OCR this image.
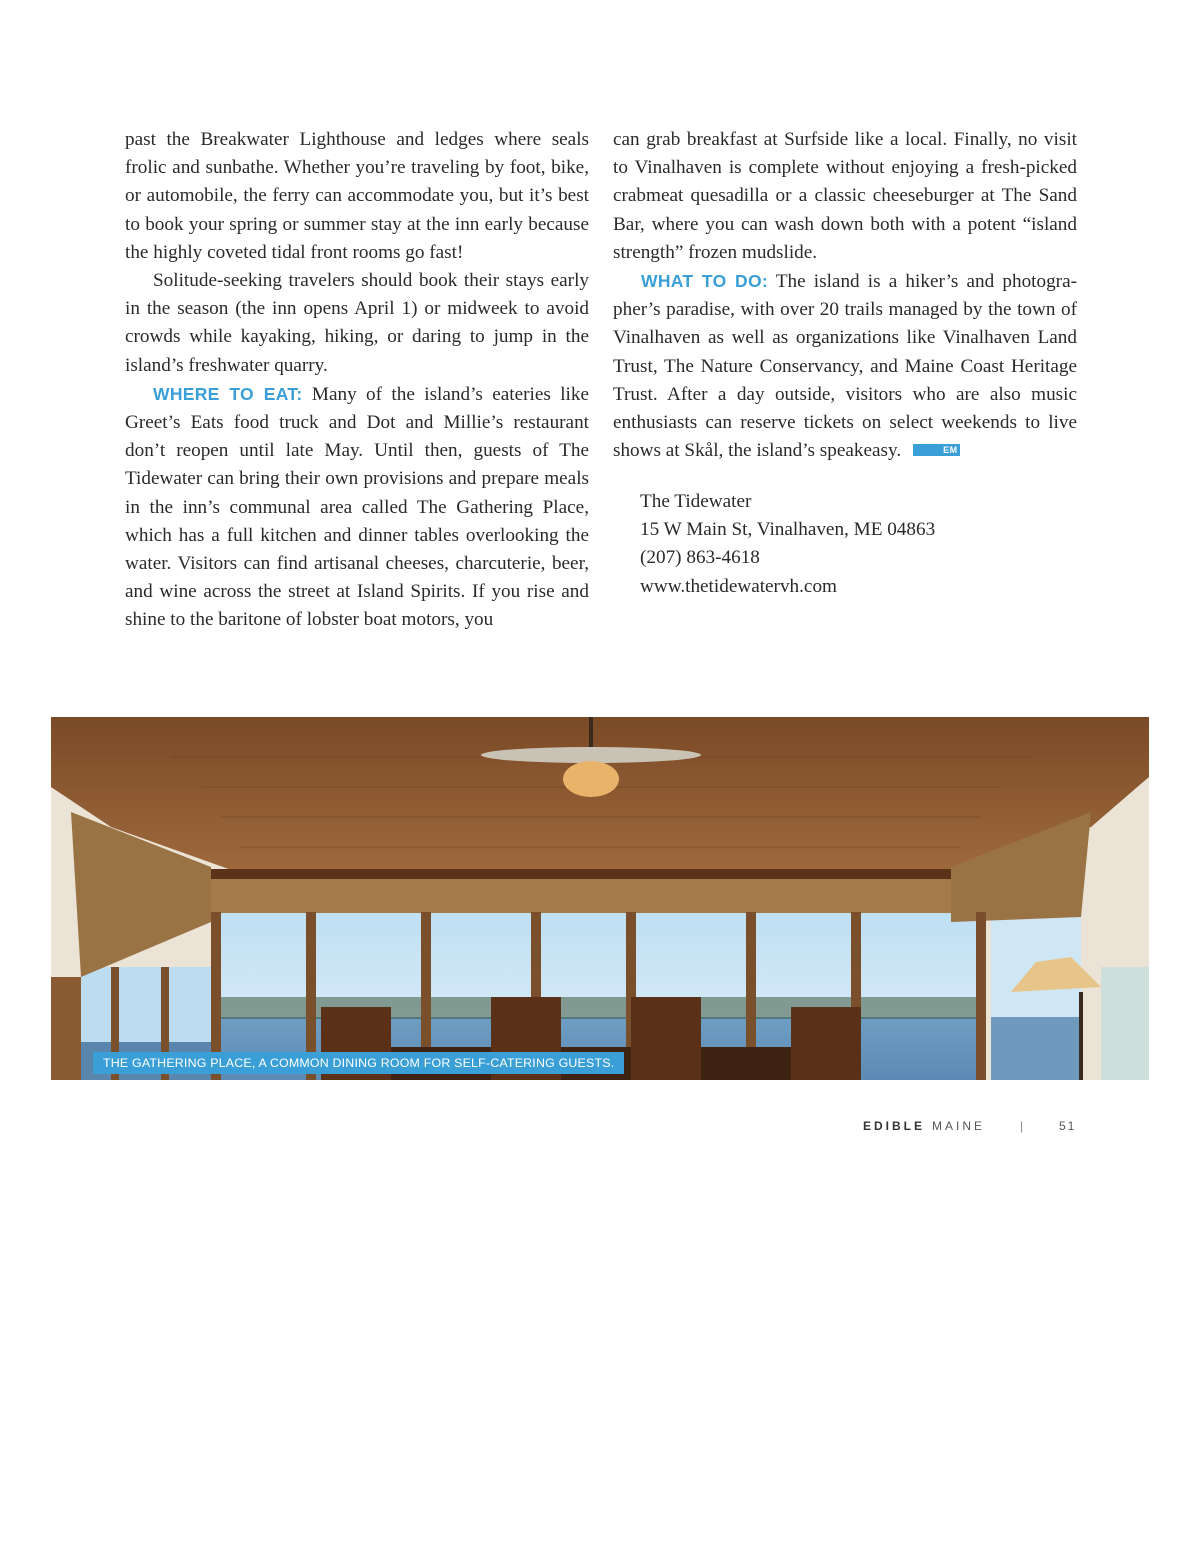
past the Breakwater Lighthouse and ledges where seals frolic and sunbathe. Whether you’re traveling by foot, bike, or automobile, the ferry can accommodate you, but it’s best to book your spring or summer stay at the inn early because the highly coveted tidal front rooms go fast!

Solitude-seeking travelers should book their stays early in the season (the inn opens April 1) or midweek to avoid crowds while kayaking, hiking, or daring to jump in the island’s freshwater quarry.

WHERE TO EAT: Many of the island’s eateries like Greet’s Eats food truck and Dot and Millie’s restaurant don’t reopen until late May. Until then, guests of The Tidewater can bring their own provisions and prepare meals in the inn’s communal area called The Gathering Place, which has a full kitchen and dinner tables overlooking the water. Visitors can find artisanal cheeses, charcuterie, beer, and wine across the street at Island Spirits. If you rise and shine to the baritone of lobster boat motors, you

can grab breakfast at Surfside like a local. Finally, no visit to Vinalhaven is complete without enjoying a fresh-picked crabmeat quesadilla or a classic cheeseburger at The Sand Bar, where you can wash down both with a potent “island strength” frozen mudslide.

WHAT TO DO: The island is a hiker’s and photographer’s paradise, with over 20 trails managed by the town of Vinalhaven as well as organizations like Vinalhaven Land Trust, The Nature Conservancy, and Maine Coast Heritage Trust. After a day outside, visitors who are also music enthusiasts can reserve tickets on select weekends to live shows at Skål, the island’s speakeasy.	EM

The Tidewater
15 W Main St, Vinalhaven, ME 04863
(207) 863-4618
www.thetidewatervh.com
THE GATHERING PLACE, A COMMON DINING ROOM FOR SELF-CATERING GUESTS.
EDIBLE MAINE	|	51
